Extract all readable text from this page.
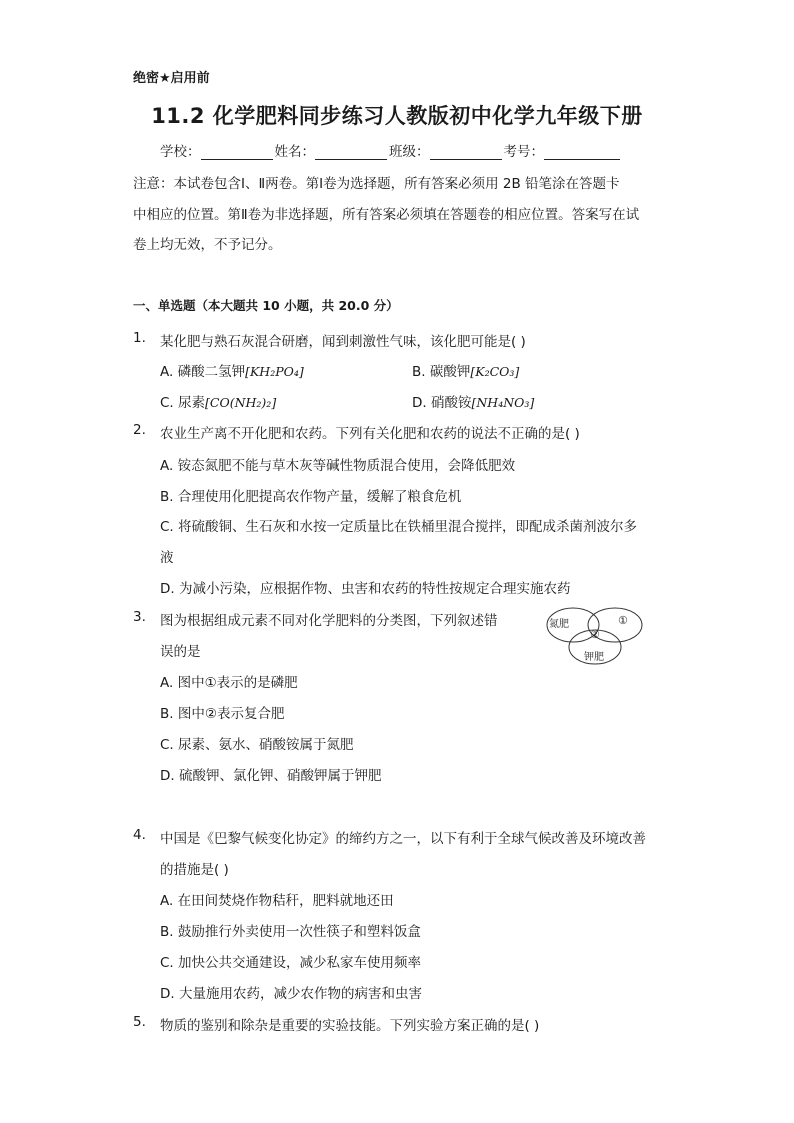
绝密★启用前
11.2 化学肥料同步练习人教版初中化学九年级下册
学校：	姓名：	班级：	考号：
注意：本试卷包含Ⅰ、Ⅱ两卷。第Ⅰ卷为选择题，所有答案必须用 2B 铅笔涂在答题卡
中相应的位置。第Ⅱ卷为非选择题，所有答案必须填在答题卷的相应位置。答案写在试
卷上均无效，不予记分。
一、单选题（本大题共 10 小题，共 20.0 分）
1. 某化肥与熟石灰混合研磨，闻到刺激性气味，该化肥可能是( )
A. 磷酸二氢钾[KH₂PO₄]	B. 碳酸钾[K₂CO₃]
C. 尿素[CO(NH₂)₂]	D. 硝酸铵[NH₄NO₃]
2. 农业生产离不开化肥和农药。下列有关化肥和农药的说法不正确的是( )
A. 铵态氮肥不能与草木灰等碱性物质混合使用，会降低肥效
B. 合理使用化肥提高农作物产量，缓解了粮食危机
C. 将硫酸铜、生石灰和水按一定质量比在铁桶里混合搅拌，即配成杀菌剂波尔多
液
D. 为减小污染，应根据作物、虫害和农药的特性按规定合理实施农药
3. 图为根据组成元素不同对化学肥料的分类图，下列叙述错
误的是
氮肥	①
②
钾肥
A. 图中①表示的是磷肥
B. 图中②表示复合肥
C. 尿素、氨水、硝酸铵属于氮肥
D. 硫酸钾、氯化钾、硝酸钾属于钾肥
4. 中国是《巴黎气候变化协定》的缔约方之一，以下有利于全球气候改善及环境改善
的措施是( )
A. 在田间焚烧作物秸秆，肥料就地还田
B. 鼓励推行外卖使用一次性筷子和塑料饭盒
C. 加快公共交通建设，减少私家车使用频率
D. 大量施用农药，减少农作物的病害和虫害
5. 物质的鉴别和除杂是重要的实验技能。下列实验方案正确的是( )
